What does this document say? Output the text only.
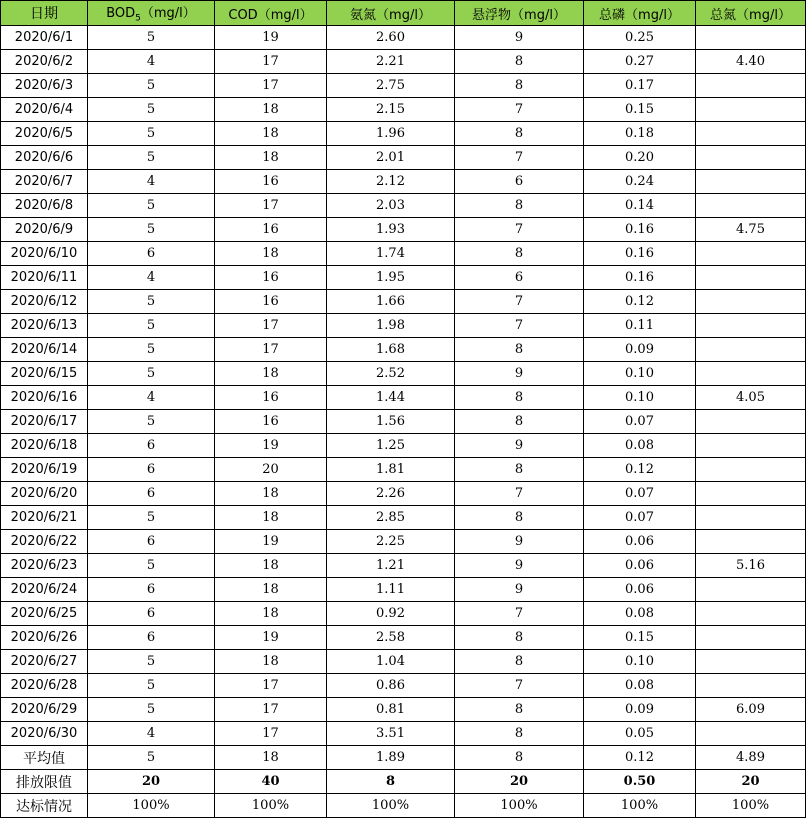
日期	$BOD_5(mg/l)$	COD（mg/l）	氨氮（mg/l）	悬浮物（mg/l）	总磷（mg/l）	总氮（mg/l）
2020/6/1	5	19	2.60	9	0.25	
2020/6/2	4	17	2.21	8	0.27	4.40
2020/6/3	5	17	2.75	8	0.17	
2020/6/4	5	18	2.15	7	0.15	
2020/6/5	5	18	1.96	8	0.18	
2020/6/6	5	18	2.01	7	0.20	
2020/6/7	4	16	2.12	6	0.24	
2020/6/8	5	17	2.03	8	0.14	
2020/6/9	5	16	1.93	7	0.16	4.75
2020/6/10	6	18	1.74	8	0.16	
2020/6/11	4	16	1.95	6	0.16	
2020/6/12	5	16	1.66	7	0.12	
2020/6/13	5	17	1.98	7	0.11	
2020/6/14	5	17	1.68	8	0.09	
2020/6/15	5	18	2.52	9	0.10	
2020/6/16	4	16	1.44	8	0.10	4.05
2020/6/17	5	16	1.56	8	0.07	
2020/6/18	6	19	1.25	9	0.08	
2020/6/19	6	20	1.81	8	0.12	
2020/6/20	6	18	2.26	7	0.07	
2020/6/21	5	18	2.85	8	0.07	
2020/6/22	6	19	2.25	9	0.06	
2020/6/23	5	18	1.21	9	0.06	5.16
2020/6/24	6	18	1.11	9	0.06	
2020/6/25	6	18	0.92	7	0.08	
2020/6/26	6	19	2.58	8	0.15	
2020/6/27	5	18	1.04	8	0.10	
2020/6/28	5	17	0.86	7	0.08	
2020/6/29	5	17	0.81	8	0.09	6.09
2020/6/30	4	17	3.51	8	0.05	
平均值	5	18	1.89	8	0.12	4.89
排放限值	20	40	8	20	0.50	20
达标情况	100%	100%	100%	100%	100%	100%
